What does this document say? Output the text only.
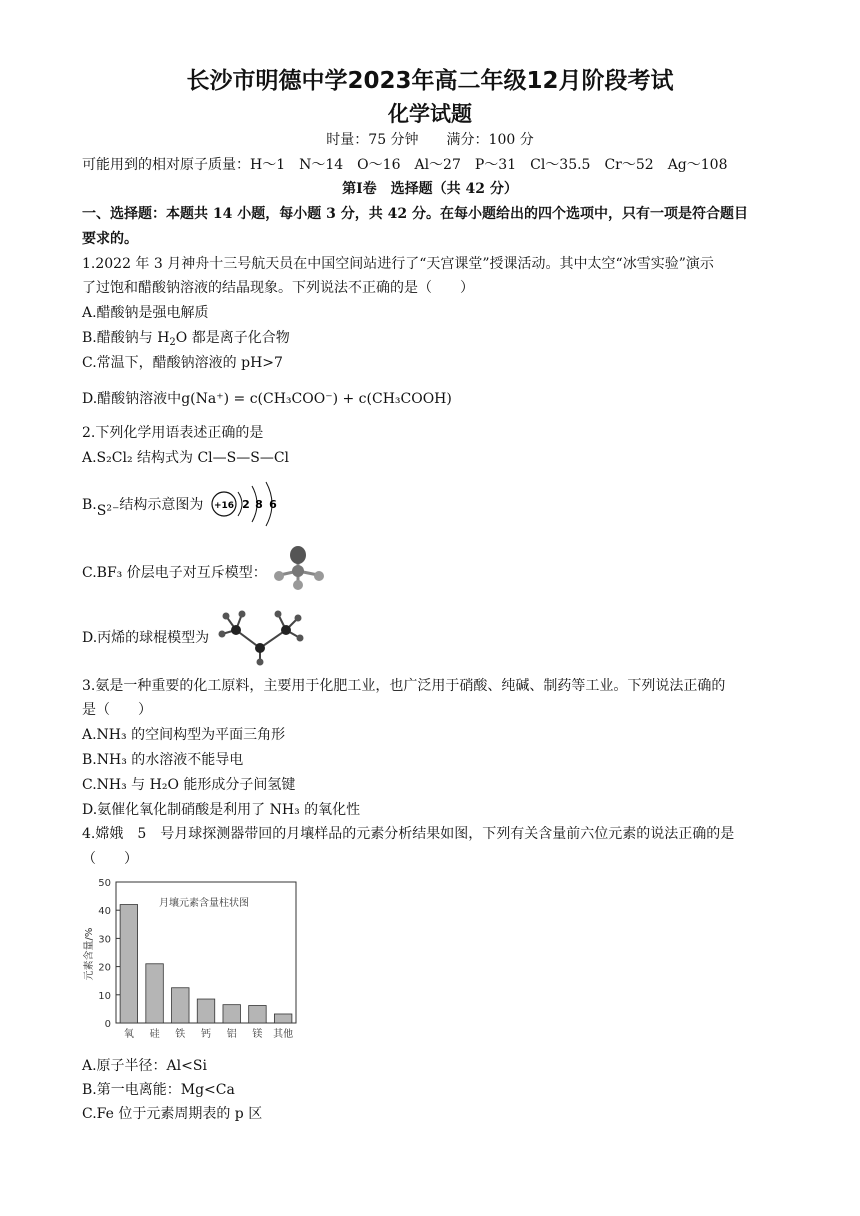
长沙市明德中学2023年高二年级12月阶段考试
化学试题
时量：75 分钟　　满分：100 分
可能用到的相对原子质量：H～1　N～14　O～16　Al～27　P～31　Cl～35.5　Cr～52　Ag～108
第Ⅰ卷　选择题（共 42 分）
一、选择题：本题共 14 小题，每小题 3 分，共 42 分。在每小题给出的四个选项中，只有一项是符合题目
要求的。
1.2022 年 3 月神舟十三号航天员在中国空间站进行了“天宫课堂”授课活动。其中太空“冰雪实验”演示
了过饱和醋酸钠溶液的结晶现象。下列说法不正确的是（　　）
A.醋酸钠是强电解质
B.醋酸钠与 $H_2O$ 都是离子化合物
C.常温下，醋酸钠溶液的 pH>7
D.醋酸钠溶液中g(Na⁺) = c(CH₃COO⁻) + c(CH₃COOH)
2.下列化学用语表述正确的是
A.S₂Cl₂ 结构式为 Cl—S—S—Cl
B.S²⁻结构示意图为 +16 2 8 6
C.BF₃ 价层电子对互斥模型：
D.丙烯的球棍模型为
3.氨是一种重要的化工原料，主要用于化肥工业，也广泛用于硝酸、纯碱、制药等工业。下列说法正确的
是（　　）
A.NH₃ 的空间构型为平面三角形
B.NH₃ 的水溶液不能导电
C.NH₃ 与 H₂O 能形成分子间氢键
D.氨催化氧化制硝酸是利用了 NH₃ 的氧化性
4.嫦娥　5　号月球探测器带回的月壤样品的元素分析结果如图，下列有关含量前六位元素的说法正确的是
（　　）
月壤元素含量柱状图
元素含量/%
0
10
20
30
40
50
氧 硅 铁 钙 铝 镁 其他
A.原子半径：Al<Si
B.第一电离能：Mg<Ca
C.Fe 位于元素周期表的 p 区
